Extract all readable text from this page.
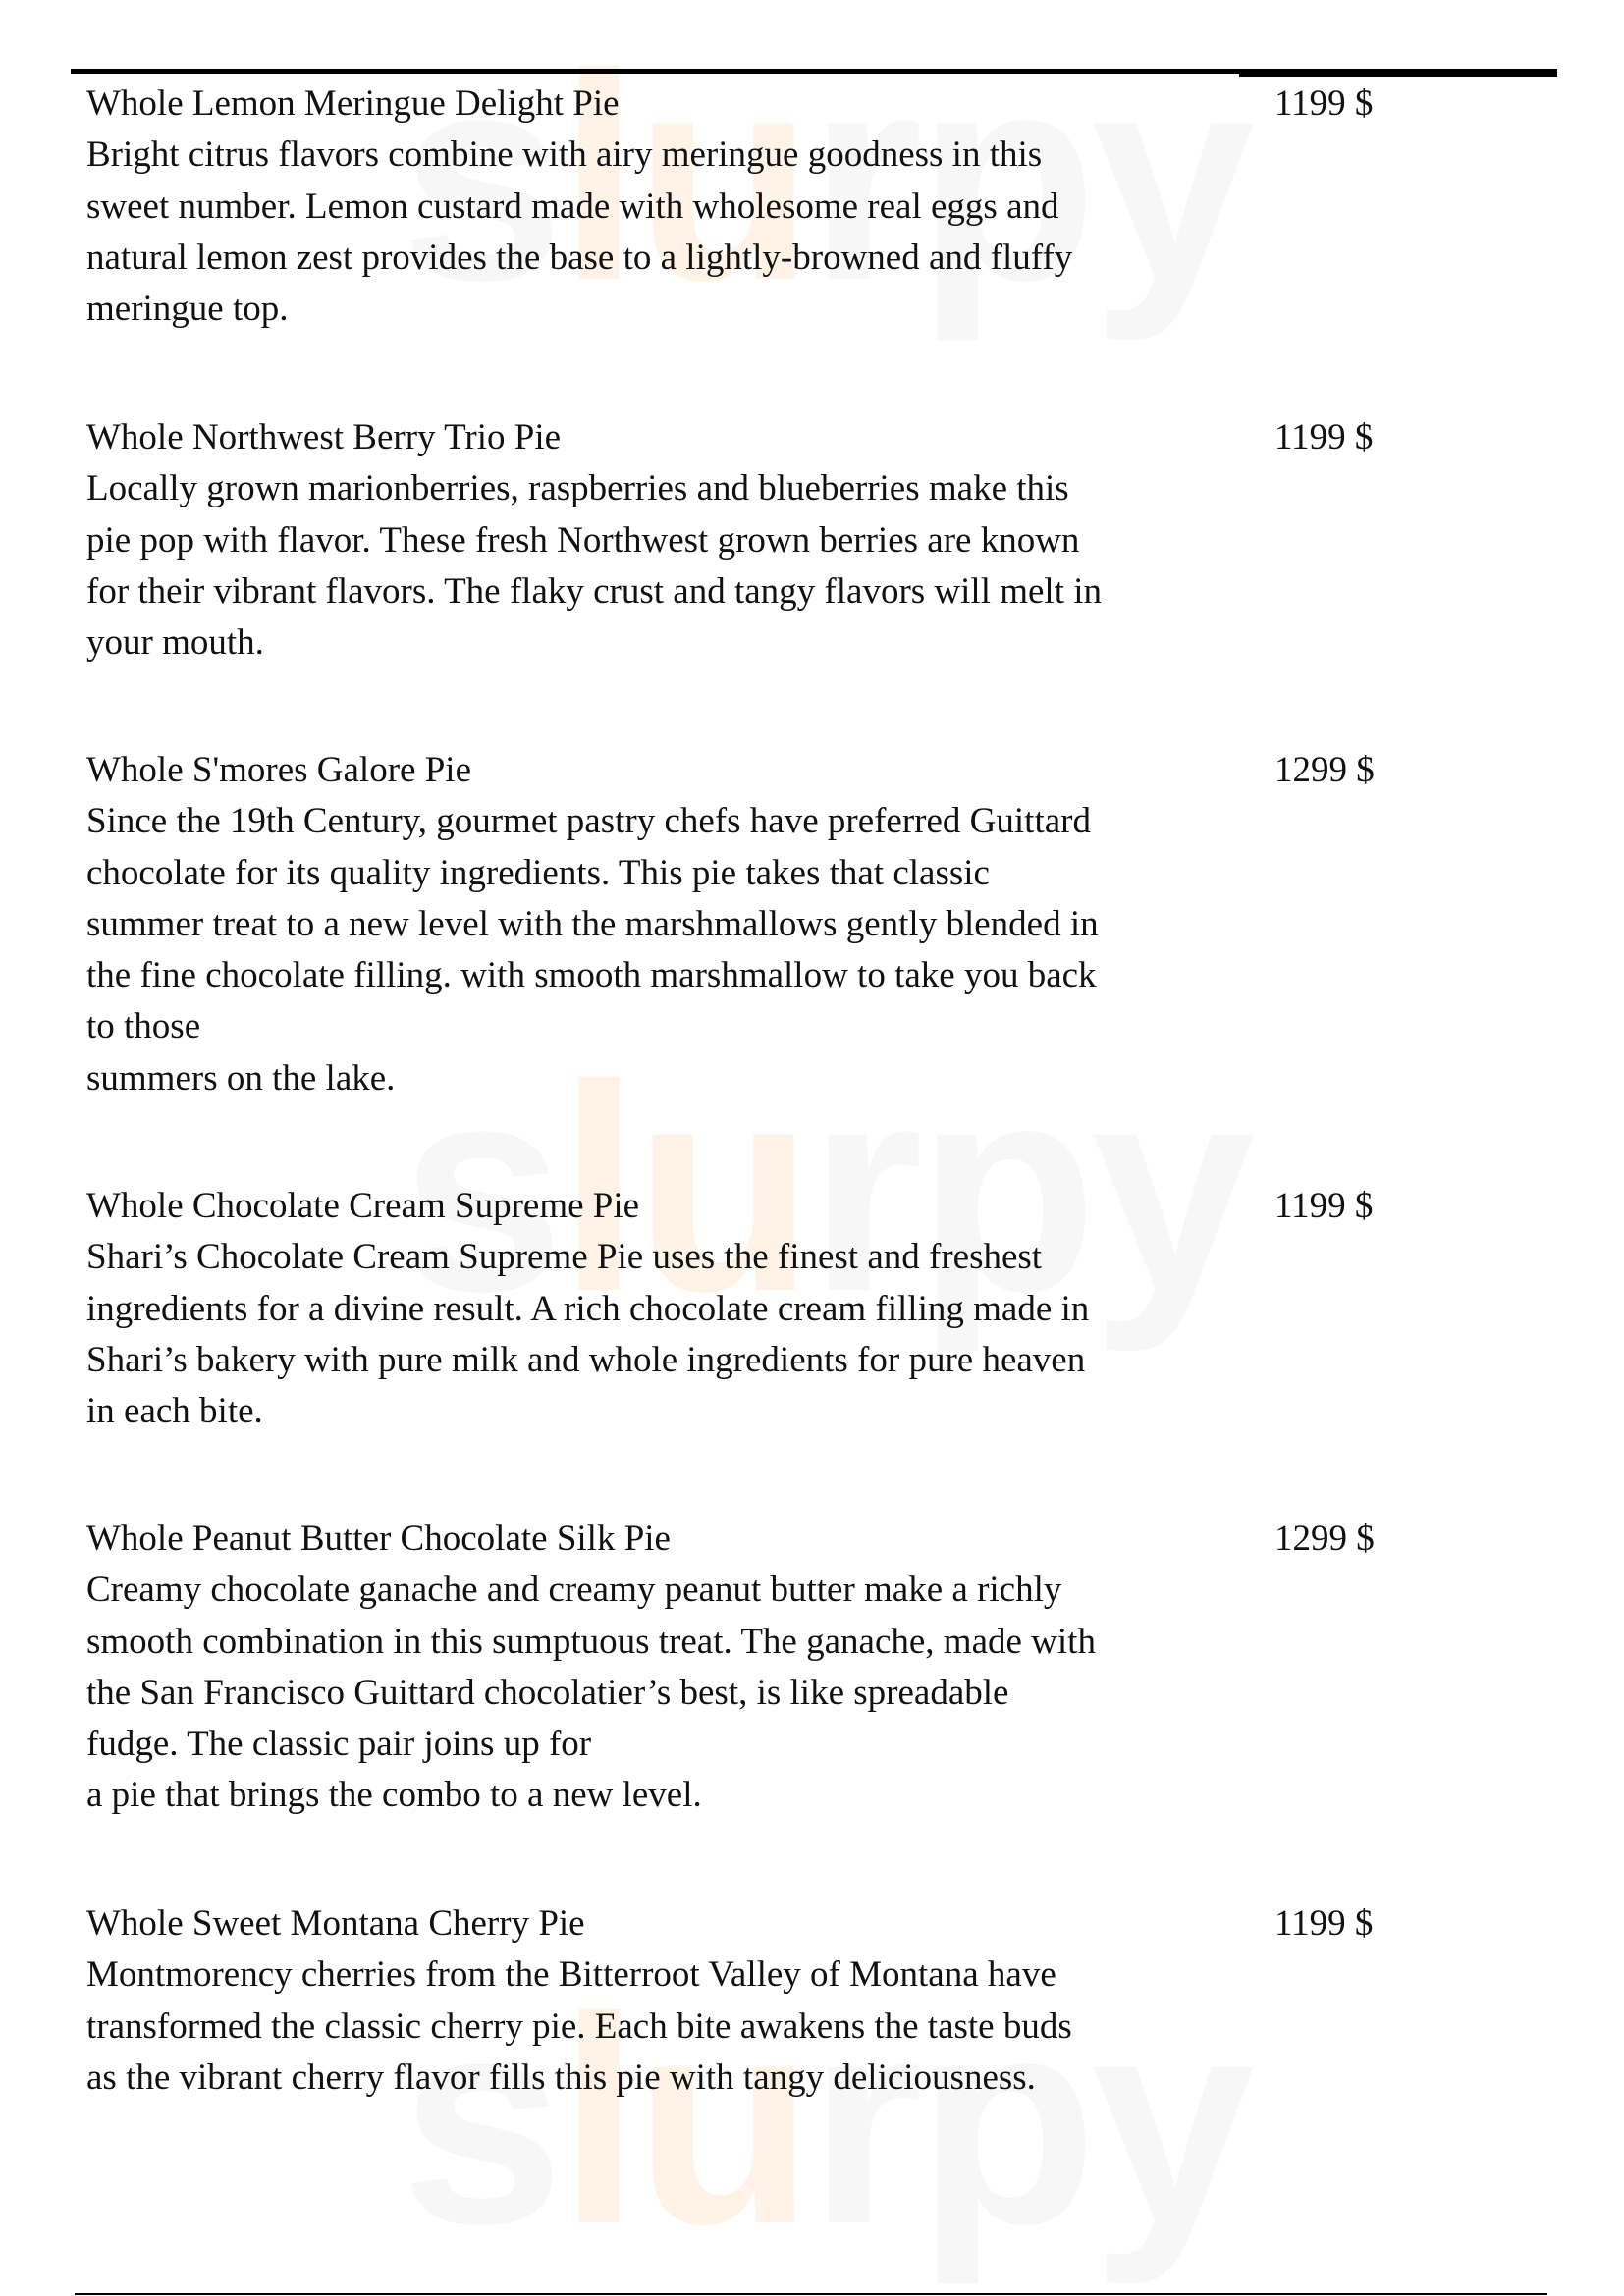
slurpy
slurpy
slurpy
Whole Lemon Meringue Delight Pie
Bright citrus flavors combine with airy meringue goodness in this
sweet number. Lemon custard made with wholesome real eggs and
natural lemon zest provides the base to a lightly-browned and fluffy
meringue top.
1199 $
Whole Northwest Berry Trio Pie
Locally grown marionberries, raspberries and blueberries make this
pie pop with flavor. These fresh Northwest grown berries are known
for their vibrant flavors. The flaky crust and tangy flavors will melt in
your mouth.
1199 $
Whole S'mores Galore Pie
Since the 19th Century, gourmet pastry chefs have preferred Guittard
chocolate for its quality ingredients. This pie takes that classic
summer treat to a new level with the marshmallows gently blended in
the fine chocolate filling. with smooth marshmallow to take you back
to those
summers on the lake.
1299 $
Whole Chocolate Cream Supreme Pie
Shari’s Chocolate Cream Supreme Pie uses the finest and freshest
ingredients for a divine result. A rich chocolate cream filling made in
Shari’s bakery with pure milk and whole ingredients for pure heaven
in each bite.
1199 $
Whole Peanut Butter Chocolate Silk Pie
Creamy chocolate ganache and creamy peanut butter make a richly
smooth combination in this sumptuous treat. The ganache, made with
the San Francisco Guittard chocolatier’s best, is like spreadable
fudge. The classic pair joins up for
a pie that brings the combo to a new level.
1299 $
Whole Sweet Montana Cherry Pie
Montmorency cherries from the Bitterroot Valley of Montana have
transformed the classic cherry pie. Each bite awakens the taste buds
as the vibrant cherry flavor fills this pie with tangy deliciousness.
1199 $
